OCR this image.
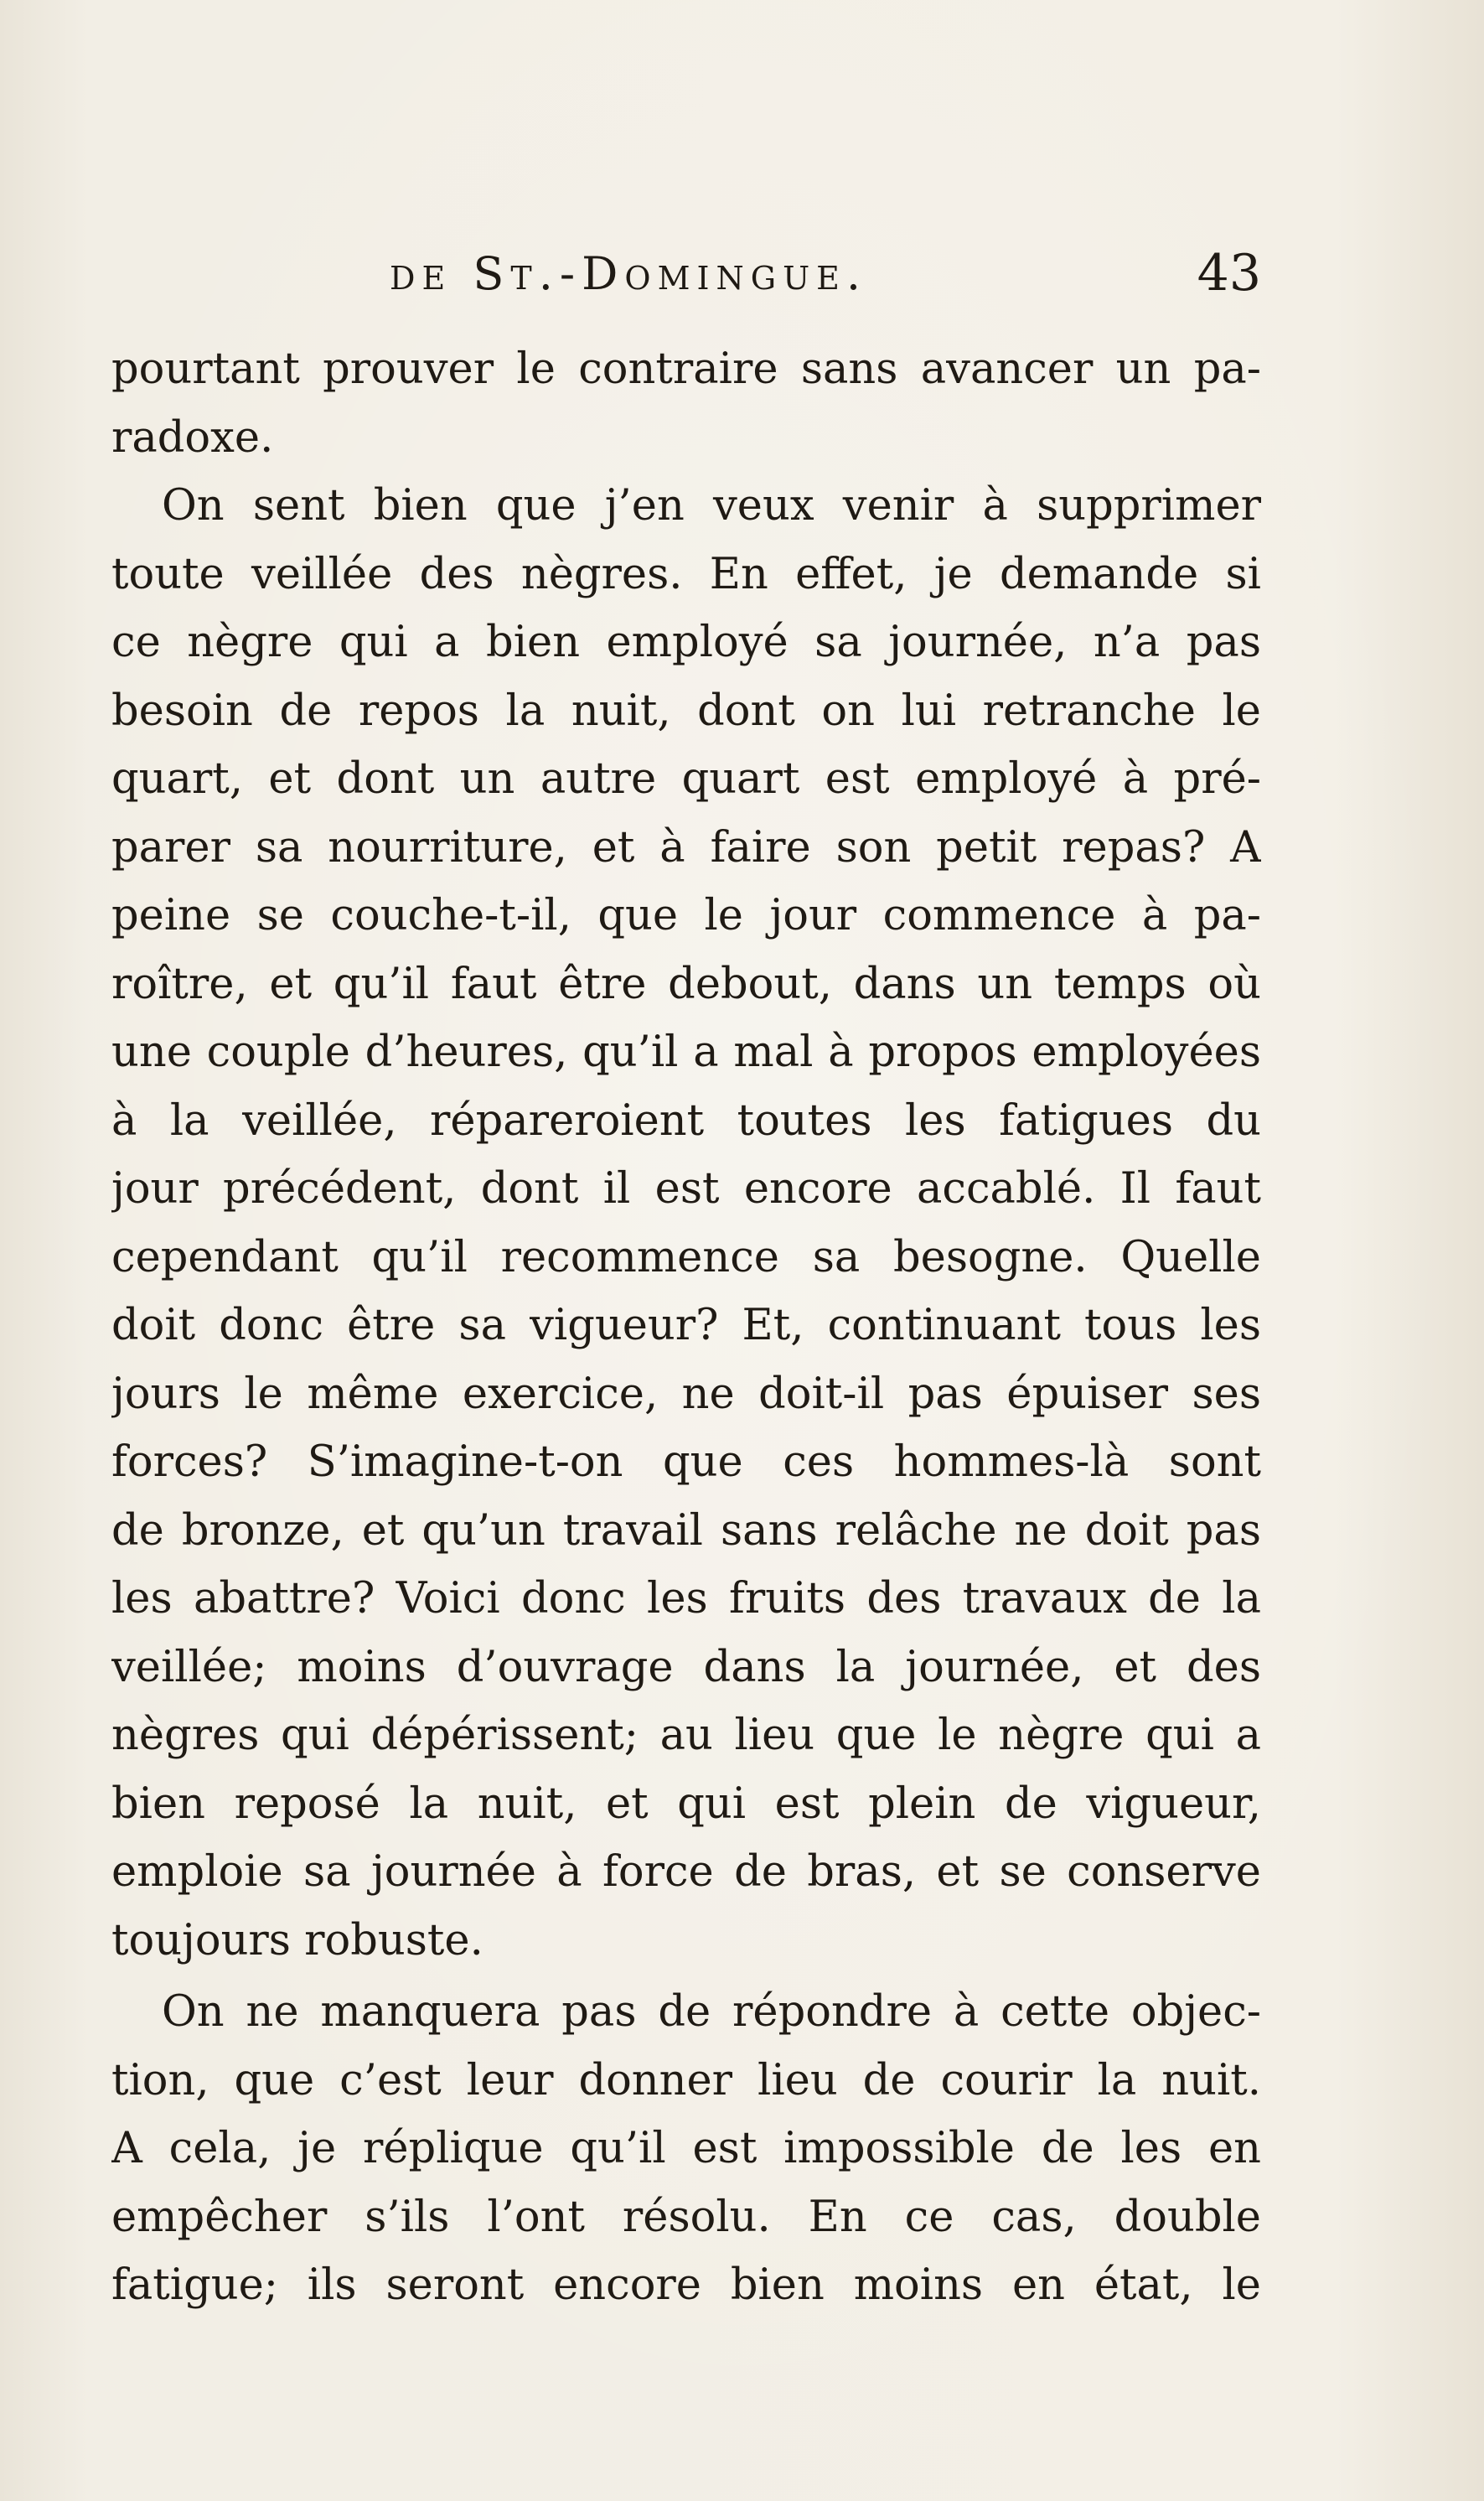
de St.-Domingue.	43
pourtant prouver le contraire sans avancer un pa-
radoxe.
On sent bien que j’en veux venir à supprimer
toute veillée des nègres. En effet, je demande si
ce nègre qui a bien employé sa journée, n’a pas
besoin de repos la nuit, dont on lui retranche le
quart, et dont un autre quart est employé à pré-
parer sa nourriture, et à faire son petit repas? A
peine se couche-t-il, que le jour commence à pa-
roître, et qu’il faut être debout, dans un temps où
une couple d’heures, qu’il a mal à propos employées
à la veillée, répareroient toutes les fatigues du
jour précédent, dont il est encore accablé. Il faut
cependant qu’il recommence sa besogne. Quelle
doit donc être sa vigueur? Et, continuant tous les
jours le même exercice, ne doit-il pas épuiser ses
forces? S’imagine-t-on que ces hommes-là sont
de bronze, et qu’un travail sans relâche ne doit pas
les abattre? Voici donc les fruits des travaux de la
veillée; moins d’ouvrage dans la journée, et des
nègres qui dépérissent; au lieu que le nègre qui a
bien reposé la nuit, et qui est plein de vigueur,
emploie sa journée à force de bras, et se conserve
toujours robuste.
On ne manquera pas de répondre à cette objec-
tion, que c’est leur donner lieu de courir la nuit.
A cela, je réplique qu’il est impossible de les en
empêcher s’ils l’ont résolu. En ce cas, double
fatigue; ils seront encore bien moins en état, le
